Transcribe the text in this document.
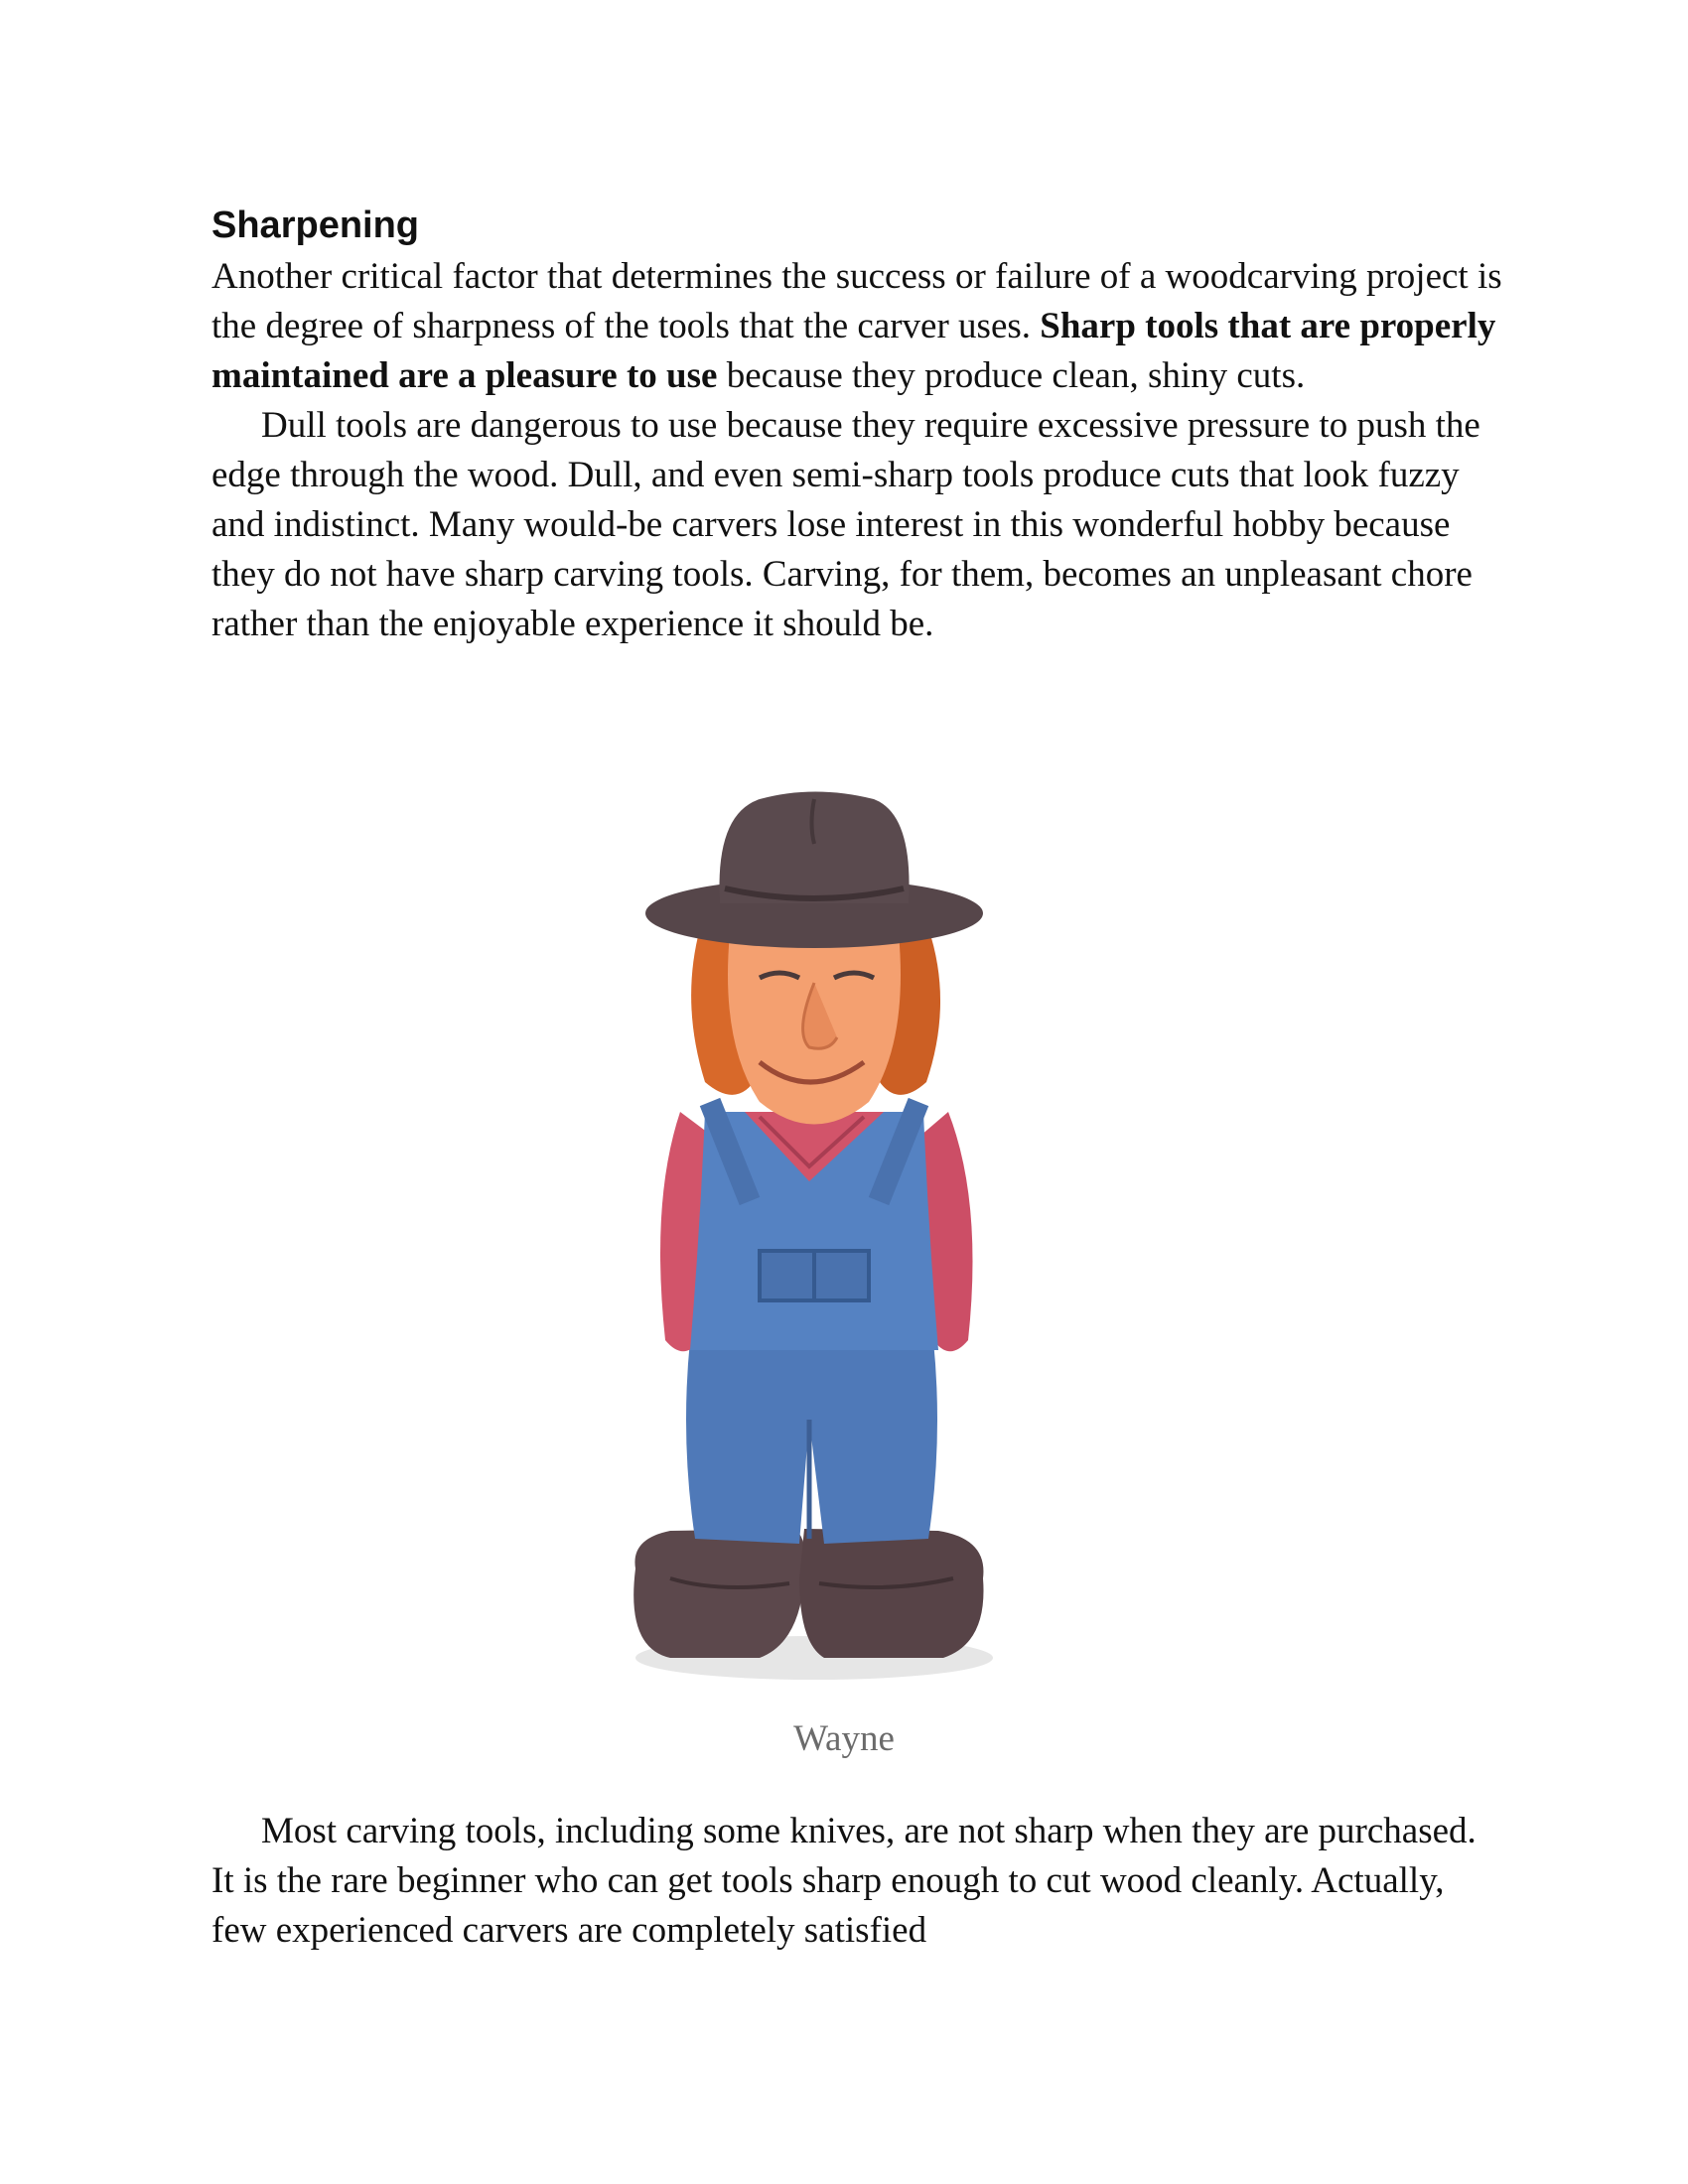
Sharpening

Another critical factor that determines the success or failure of a woodcarving project is the degree of sharpness of the tools that the carver uses. Sharp tools that are properly maintained are a pleasure to use because they produce clean, shiny cuts.

Dull tools are dangerous to use because they require excessive pressure to push the edge through the wood. Dull, and even semi-sharp tools produce cuts that look fuzzy and indistinct. Many would-be carvers lose interest in this wonderful hobby because they do not have sharp carving tools. Carving, for them, becomes an unpleasant chore rather than the enjoyable experience it should be.

Wayne

Most carving tools, including some knives, are not sharp when they are purchased. It is the rare beginner who can get tools sharp enough to cut wood cleanly. Actually, few experienced carvers are completely satisfied
